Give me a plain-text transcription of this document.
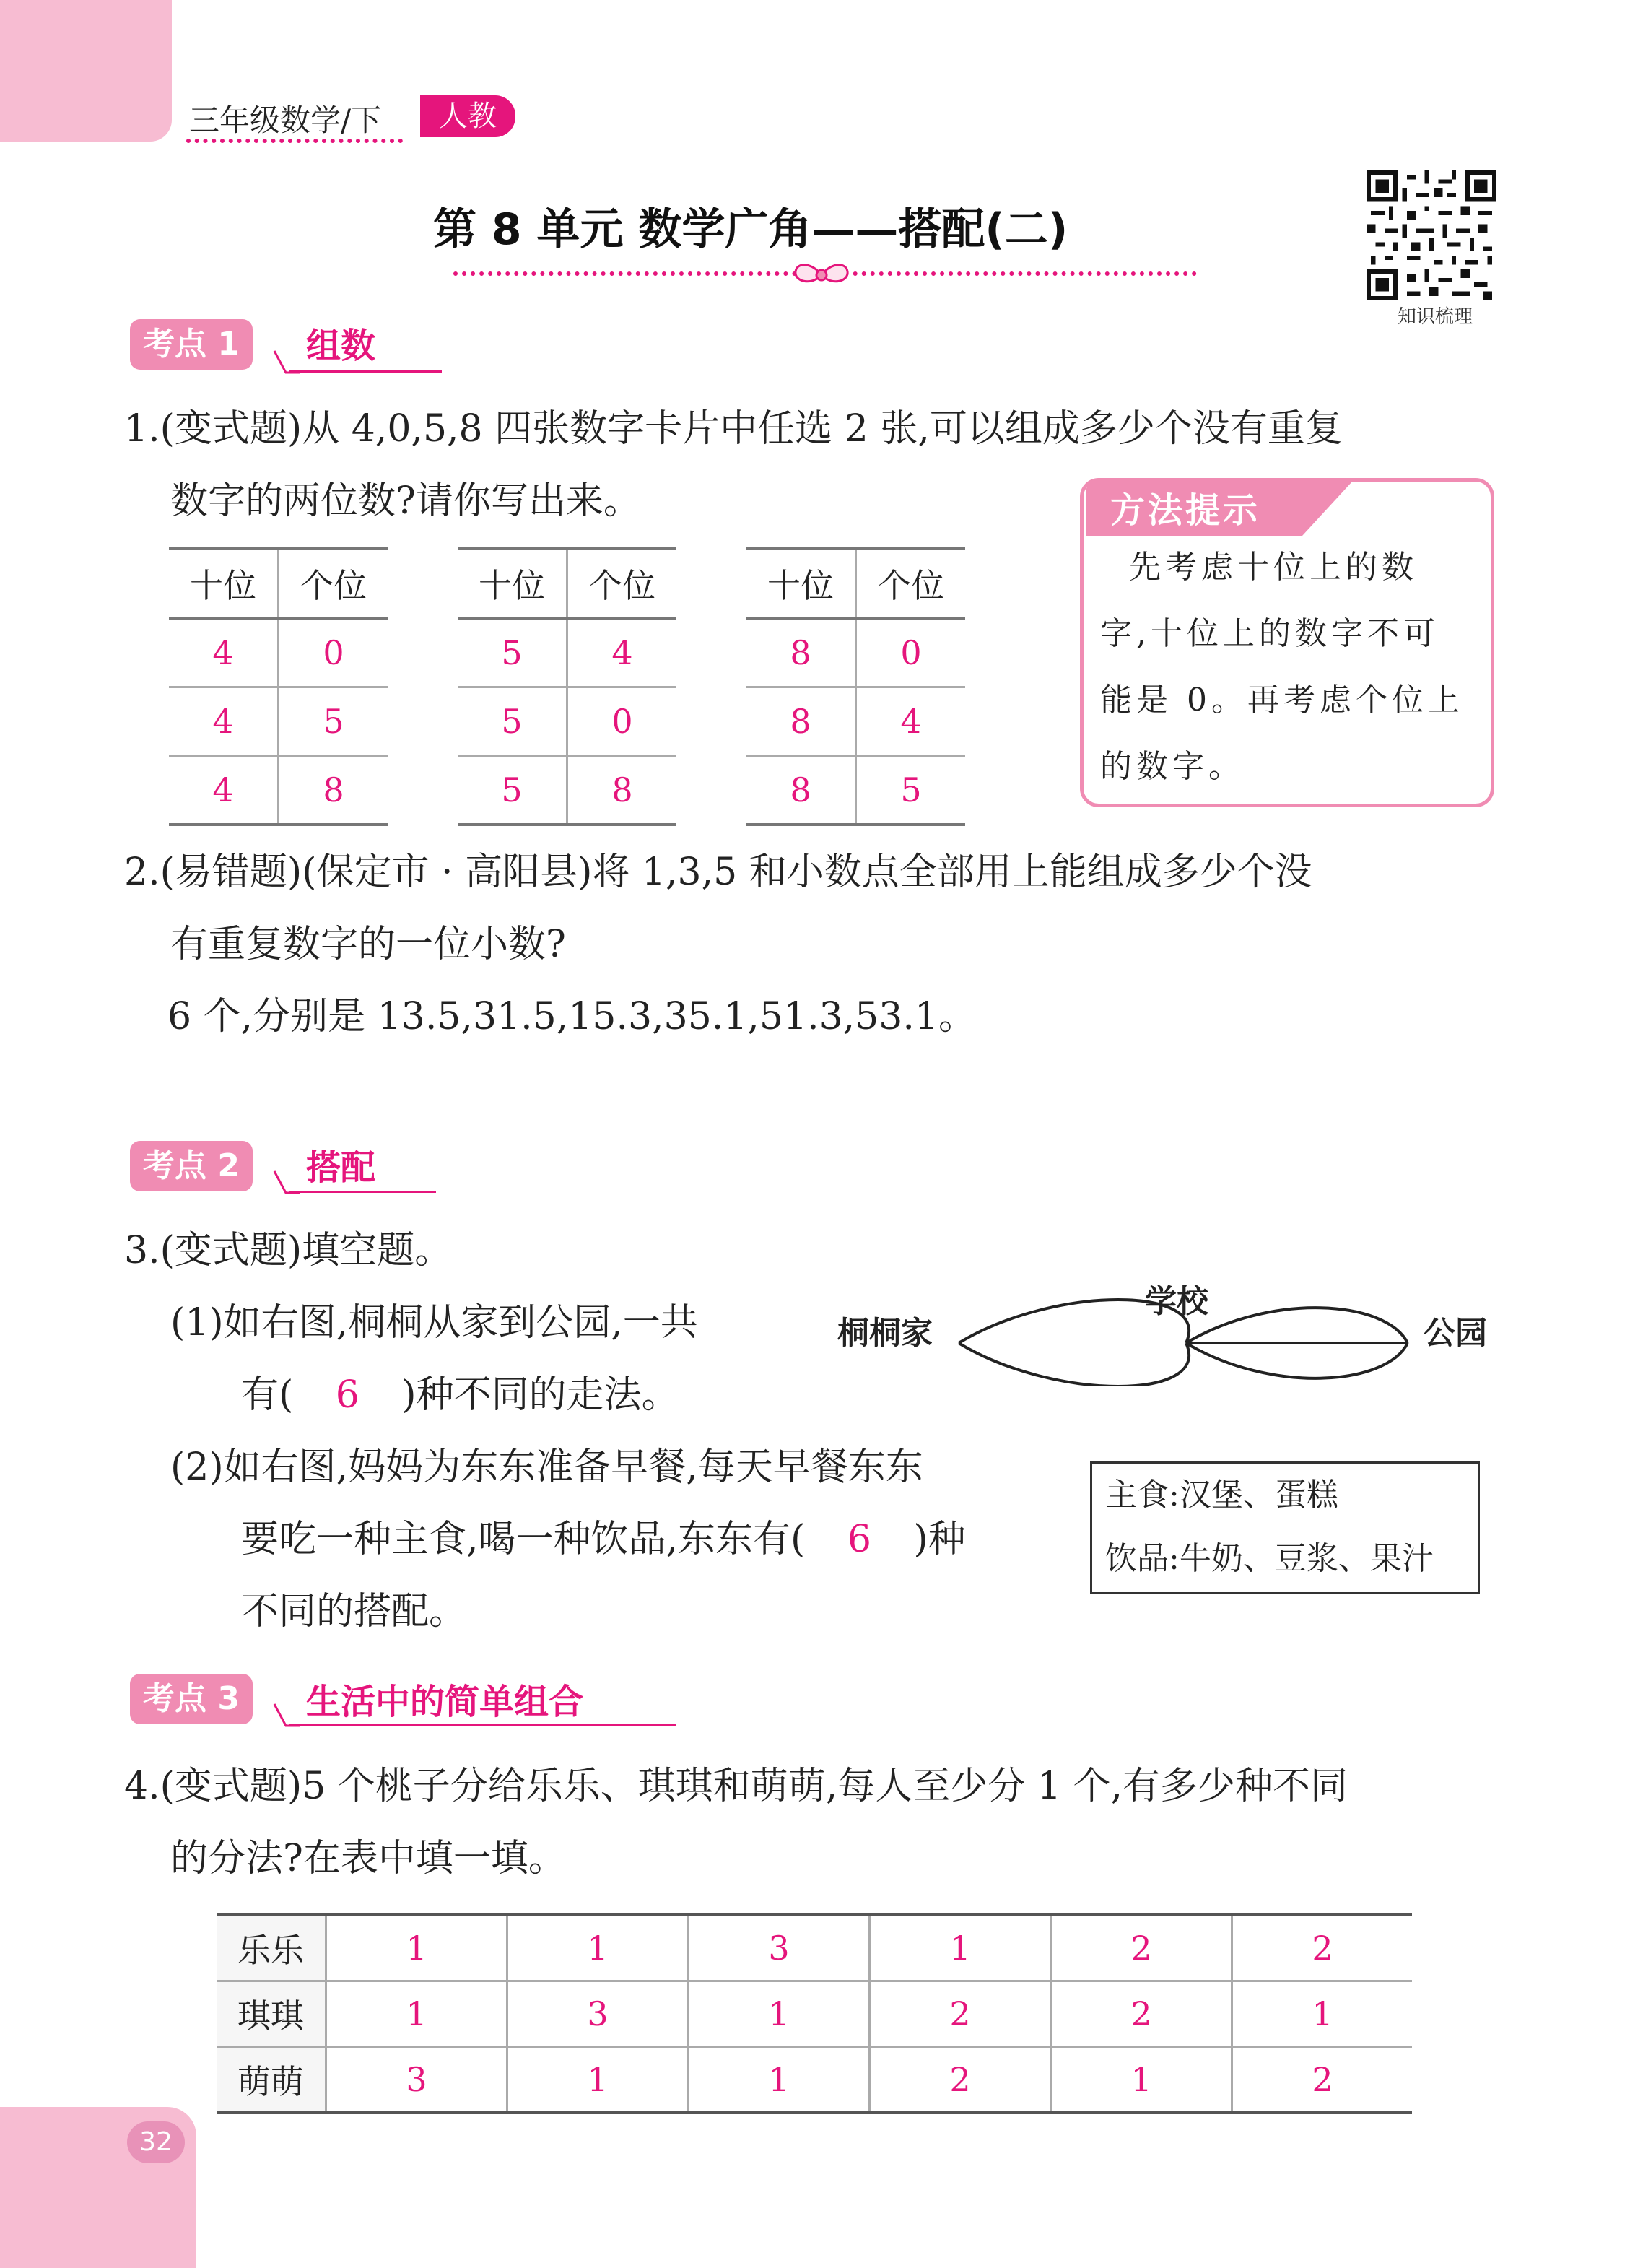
三年级数学/下	人教
第 8 单元 数学广角——搭配(二)
知识梳理
考点 1	组数
1.(变式题)从 4,0,5,8 四张数字卡片中任选 2 张,可以组成多少个没有重复
数字的两位数?请你写出来。
十位	个位
4	0
4	5
4	8
十位	个位
5	4
5	0
5	8
十位	个位
8	0
8	4
8	5
方法提示
先考虑十位上的数
字,十位上的数字不可
能是 0。再考虑个位上
的数字。
2.(易错题)(保定市 · 高阳县)将 1,3,5 和小数点全部用上能组成多少个没
有重复数字的一位小数?
6 个,分别是 13.5,31.5,15.3,35.1,51.3,53.1。
考点 2	搭配
3.(变式题)填空题。
(1)如右图,桐桐从家到公园,一共
有( 6 )种不同的走法。
桐桐家
学校
公园
(2)如右图,妈妈为东东准备早餐,每天早餐东东
要吃一种主食,喝一种饮品,东东有( 6 )种
不同的搭配。
主食:汉堡、蛋糕
饮品:牛奶、豆浆、果汁
考点 3	生活中的简单组合
4.(变式题)5 个桃子分给乐乐、琪琪和萌萌,每人至少分 1 个,有多少种不同
的分法?在表中填一填。
乐乐	1	1	3	1	2	2
琪琪	1	3	1	2	2	1
萌萌	3	1	1	2	1	2
32
